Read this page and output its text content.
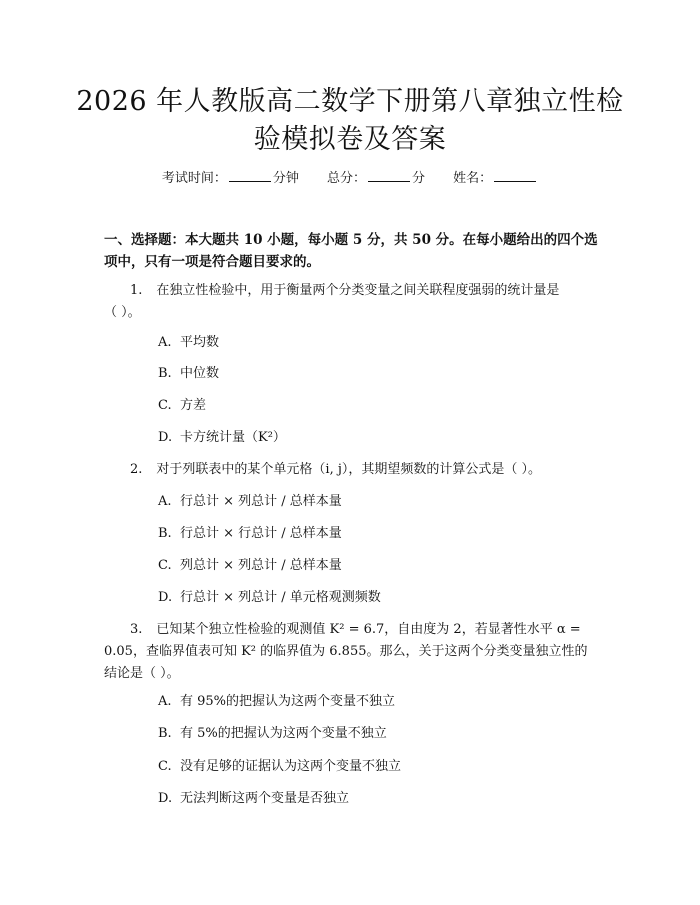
2026 年人教版高二数学下册第八章独立性检
验模拟卷及答案
考试时间：	分钟 总分：	分 姓名：
一、选择题：本大题共 10 小题，每小题 5 分，共 50 分。在每小题给出的四个选
项中，只有一项是符合题目要求的。
1. 在独立性检验中，用于衡量两个分类变量之间关联程度强弱的统计量是
（ ）。
A. 平均数
B. 中位数
C. 方差
D. 卡方统计量（K²）
2. 对于列联表中的某个单元格（i, j），其期望频数的计算公式是（ ）。
A. 行总计 × 列总计 / 总样本量
B. 行总计 × 行总计 / 总样本量
C. 列总计 × 列总计 / 总样本量
D. 行总计 × 列总计 / 单元格观测频数
3. 已知某个独立性检验的观测值 K² = 6.7，自由度为 2，若显著性水平 α =
0.05，查临界值表可知 K² 的临界值为 6.855。那么，关于这两个分类变量独立性的
结论是（ ）。
A. 有 95%的把握认为这两个变量不独立
B. 有 5%的把握认为这两个变量不独立
C. 没有足够的证据认为这两个变量不独立
D. 无法判断这两个变量是否独立
